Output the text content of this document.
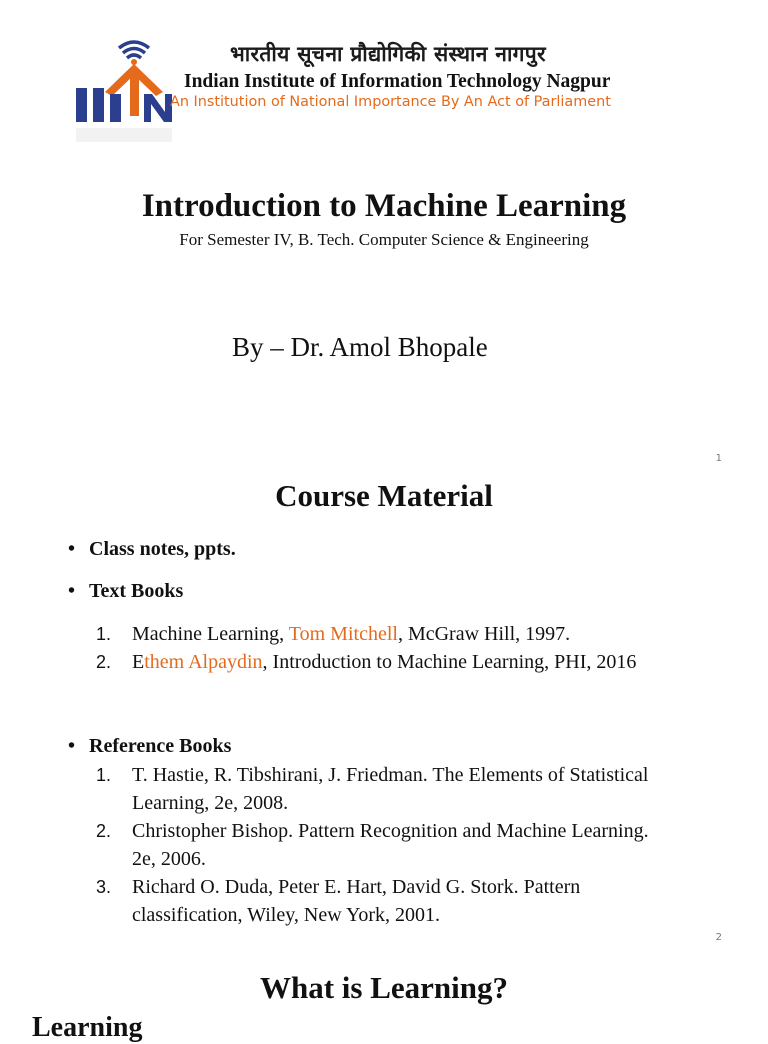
भारतीय सूचना प्रौद्योगिकी संस्थान नागपुर
Indian Institute of Information Technology Nagpur
An Institution of National Importance By An Act of Parliament
Introduction to Machine Learning
For Semester IV, B. Tech. Computer Science & Engineering
By – Dr. Amol Bhopale
1
Course Material
• Class notes, ppts.
• Text Books
1. Machine Learning, Tom Mitchell, McGraw Hill, 1997.
2. Ethem Alpaydin, Introduction to Machine Learning, PHI, 2016
• Reference Books
1. T. Hastie, R. Tibshirani, J. Friedman. The Elements of Statistical Learning, 2e, 2008.
2. Christopher Bishop. Pattern Recognition and Machine Learning. 2e, 2006.
3. Richard O. Duda, Peter E. Hart, David G. Stork. Pattern classification, Wiley, New York, 2001.
2
What is Learning?
Learning
